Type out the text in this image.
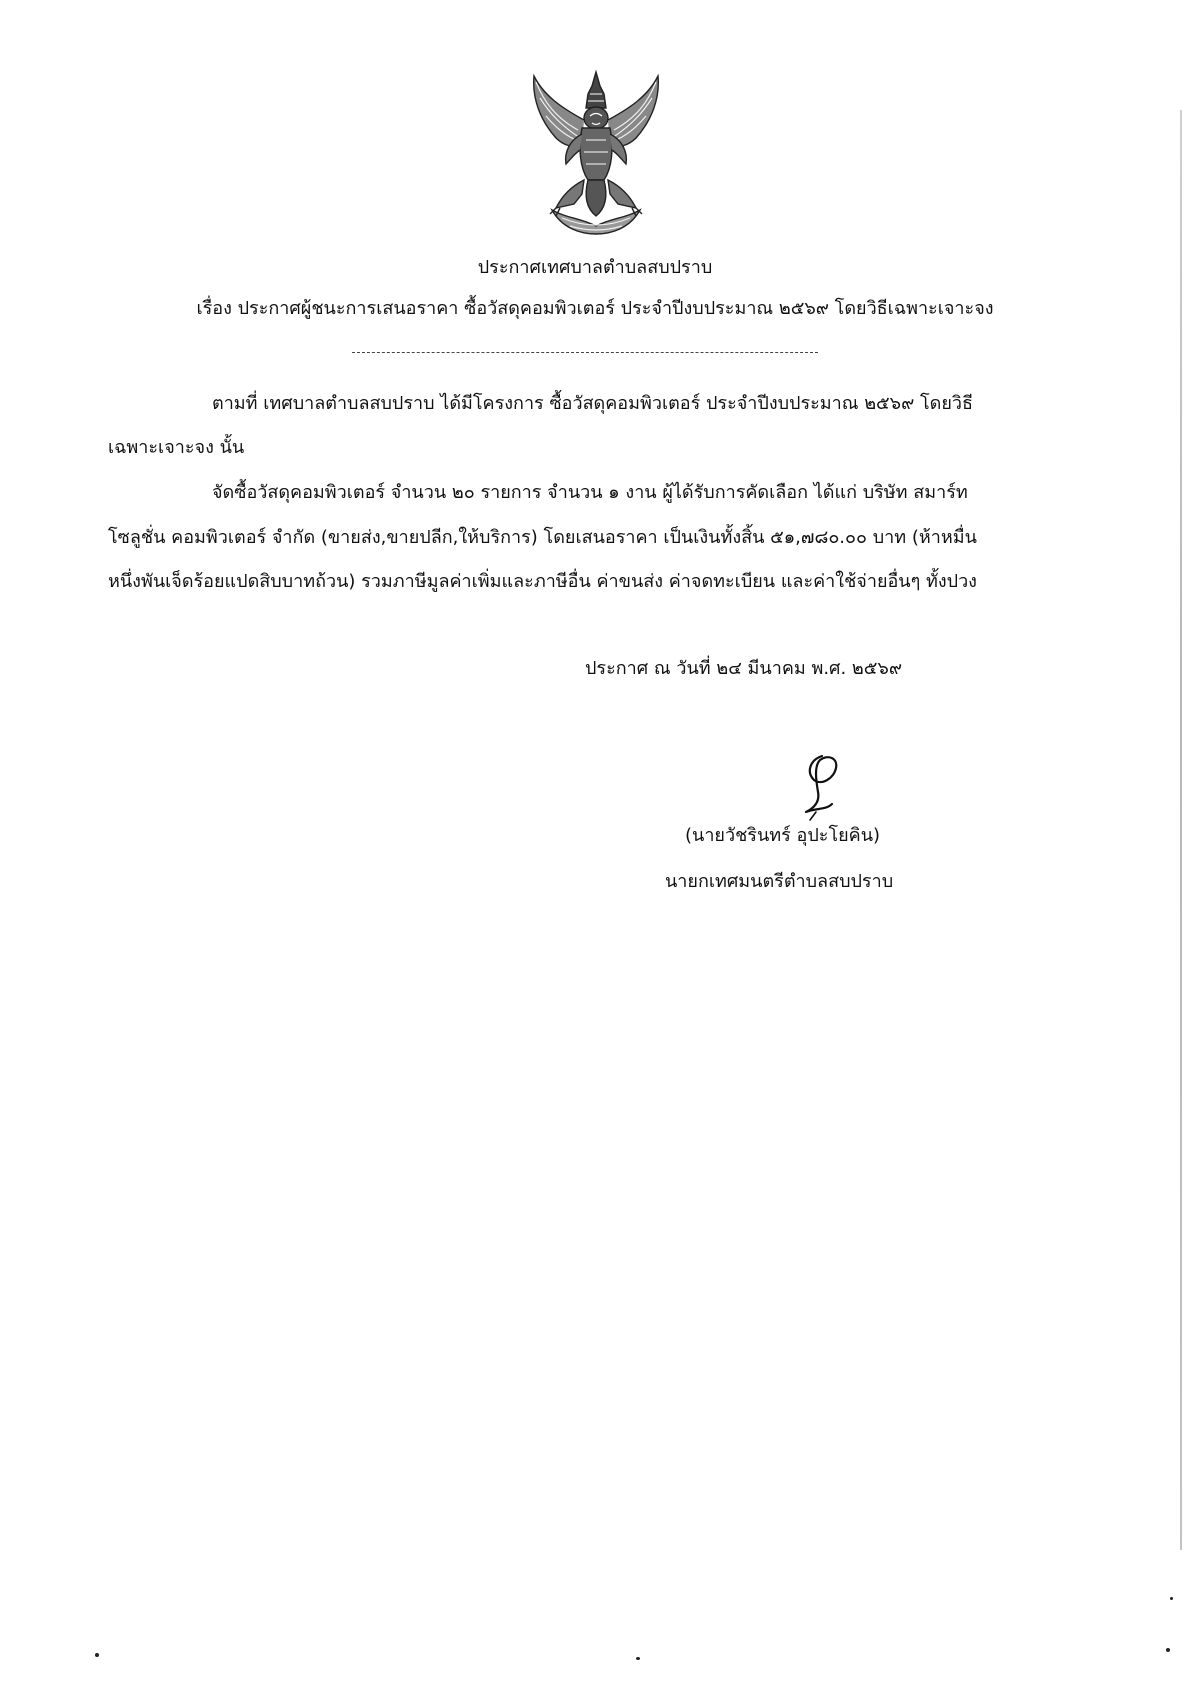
ประกาศเทศบาลตำบลสบปราบ
เรื่อง ประกาศผู้ชนะการเสนอราคา ซื้อวัสดุคอมพิวเตอร์ ประจำปีงบประมาณ ๒๕๖๙ โดยวิธีเฉพาะเจาะจง
ตามที่ เทศบาลตำบลสบปราบ ได้มีโครงการ ซื้อวัสดุคอมพิวเตอร์ ประจำปีงบประมาณ ๒๕๖๙ โดยวิธี
เฉพาะเจาะจง นั้น
จัดซื้อวัสดุคอมพิวเตอร์ จำนวน ๒๐ รายการ จำนวน ๑ งาน ผู้ได้รับการคัดเลือก ได้แก่ บริษัท สมาร์ท
โซลูชั่น คอมพิวเตอร์ จำกัด (ขายส่ง,ขายปลีก,ให้บริการ) โดยเสนอราคา เป็นเงินทั้งสิ้น ๕๑,๗๘๐.๐๐ บาท (ห้าหมื่น
หนึ่งพันเจ็ดร้อยแปดสิบบาทถ้วน) รวมภาษีมูลค่าเพิ่มและภาษีอื่น ค่าขนส่ง ค่าจดทะเบียน และค่าใช้จ่ายอื่นๆ ทั้งปวง
ประกาศ ณ วันที่ ๒๔ มีนาคม พ.ศ. ๒๕๖๙
(นายวัชรินทร์ อุปะโยคิน)
นายกเทศมนตรีตำบลสบปราบ
